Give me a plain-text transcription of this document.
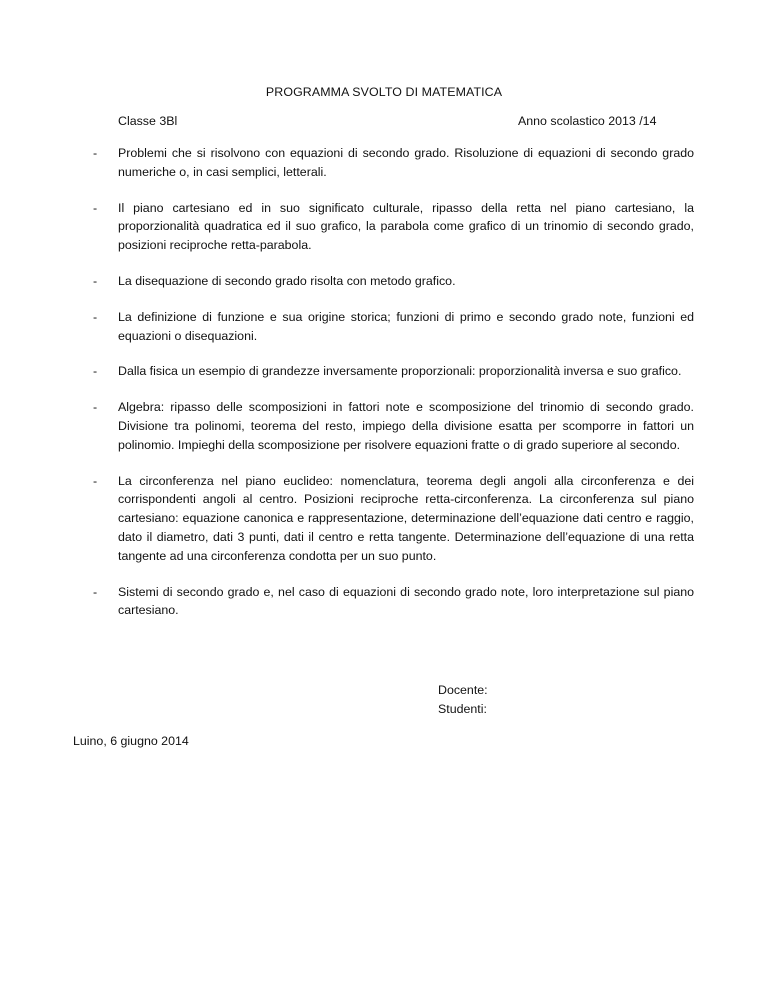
PROGRAMMA SVOLTO DI MATEMATICA
Classe 3Bl	Anno scolastico 2013 /14
- Problemi che si risolvono con equazioni di secondo grado. Risoluzione di equazioni di secondo grado numeriche o, in casi semplici, letterali.
- Il piano cartesiano ed in suo significato culturale, ripasso della retta nel piano cartesiano, la proporzionalità quadratica ed il suo grafico, la parabola come grafico di un trinomio di secondo grado, posizioni reciproche retta-parabola.
- La disequazione di secondo grado risolta con metodo grafico.
- La definizione di funzione e sua origine storica; funzioni di primo e secondo grado note, funzioni ed equazioni o disequazioni.
- Dalla fisica un esempio di grandezze inversamente proporzionali: proporzionalità inversa e suo grafico.
- Algebra: ripasso delle scomposizioni in fattori note e scomposizione del trinomio di secondo grado. Divisione tra polinomi, teorema del resto, impiego della divisione esatta per scomporre in fattori un polinomio. Impieghi della scomposizione per risolvere equazioni fratte o di grado superiore al secondo.
- La circonferenza nel piano euclideo: nomenclatura, teorema degli angoli alla circonferenza e dei corrispondenti angoli al centro. Posizioni reciproche retta-circonferenza. La circonferenza sul piano cartesiano: equazione canonica e rappresentazione, determinazione dell’equazione dati centro e raggio, dato il diametro, dati 3 punti, dati il centro e retta tangente. Determinazione dell’equazione di una retta tangente ad una circonferenza condotta per un suo punto.
- Sistemi di secondo grado e, nel caso di equazioni di secondo grado note, loro interpretazione sul piano cartesiano.
Docente:
Studenti:
Luino, 6 giugno 2014
